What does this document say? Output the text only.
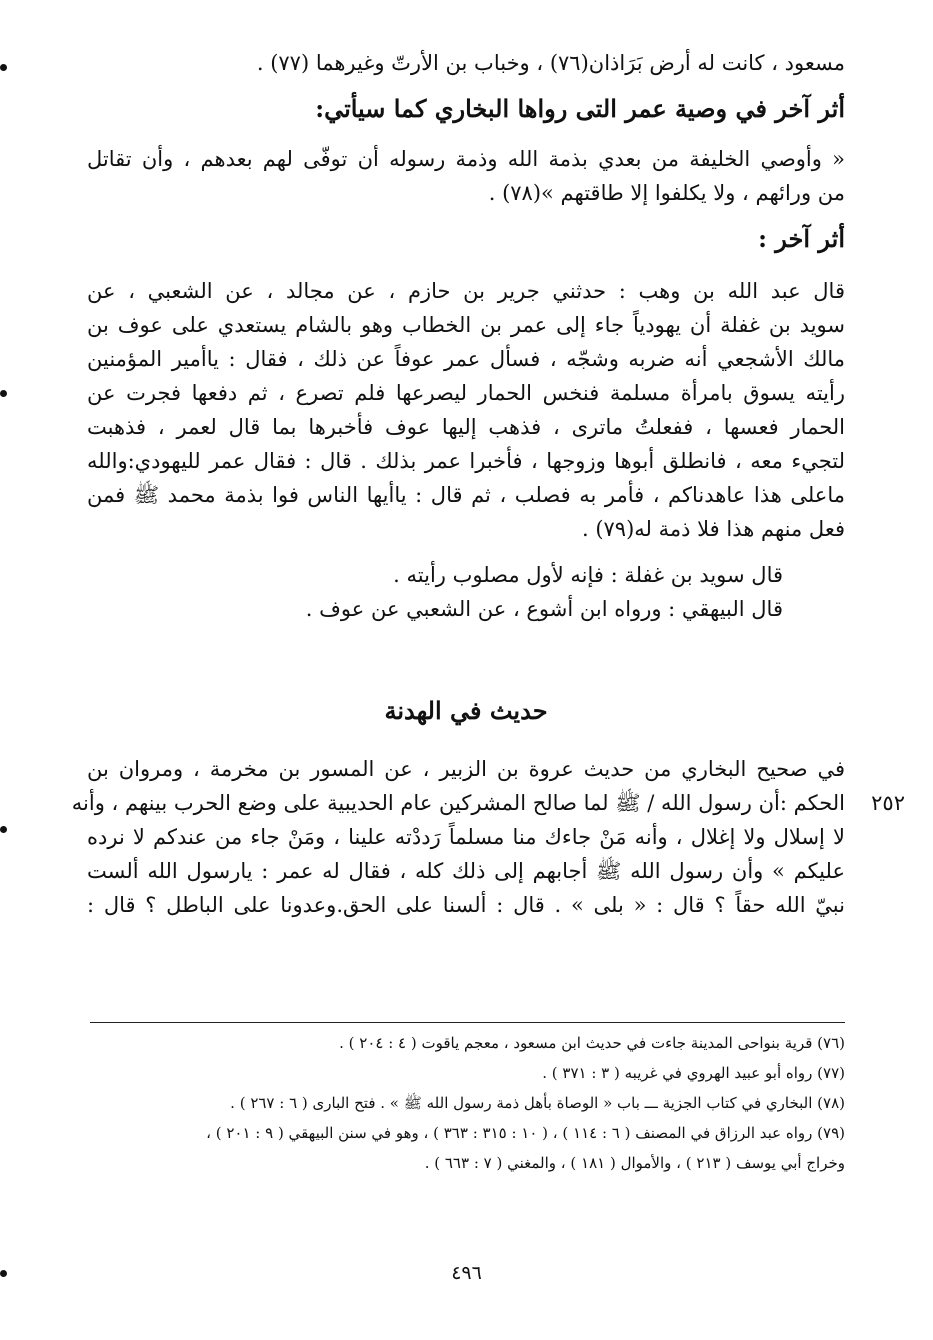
مسعود ، كانت له أرض بَرَاذان(٧٦) ، وخباب بن الأرتّ وغيرهما (٧٧) .
أثر آخر في وصية عمر التى رواها البخاري كما سيأتي:
« وأوصي الخليفة من بعدي بذمة الله وذمة رسوله أن توفّى لهم بعدهم ، وأن تقاتل
من ورائهم ، ولا يكلفوا إلا طاقتهم »(٧٨) .
أثر آخر :
قال عبد الله بن وهب : حدثني جرير بن حازم ، عن مجالد ، عن الشعبي ، عن
سويد بن غفلة أن يهودياً جاء إلى عمر بن الخطاب وهو بالشام يستعدي على عوف بن
مالك الأشجعي أنه ضربه وشجّه ، فسأل عمر عوفاً عن ذلك ، فقال : ياأمير المؤمنين
رأيته يسوق بامرأة مسلمة فنخس الحمار ليصرعها فلم تصرع ، ثم دفعها فجرت عن
الحمار فعسها ، ففعلتُ ماترى ، فذهب إليها عوف فأخبرها بما قال لعمر ، فذهبت
لتجيء معه ، فانطلق أبوها وزوجها ، فأخبرا عمر بذلك . قال : فقال عمر لليهودي:والله
ماعلى هذا عاهدناكم ، فأمر به فصلب ، ثم قال : ياأيها الناس فوا بذمة محمد ﷺ فمن
فعل منهم هذا فلا ذمة له(٧٩) .
قال سويد بن غفلة : فإنه لأول مصلوب رأيته .
قال البيهقي : ورواه ابن أشوع ، عن الشعبي عن عوف .
حديث في الهدنة
في صحيح البخاري من حديث عروة بن الزبير ، عن المسور بن مخرمة ، ومروان بن
الحكم :أن رسول الله / ﷺ لما صالح المشركين عام الحديبية على وضع الحرب بينهم ، وأنه ٢٥٢
لا إسلال ولا إغلال ، وأنه مَنْ جاءك منا مسلماً رَددْته علينا ، ومَنْ جاء من عندكم لا نرده
عليكم » وأن رسول الله ﷺ أجابهم إلى ذلك كله ، فقال له عمر : يارسول الله ألست
نبيّ الله حقاً ؟ قال : « بلى » . قال : ألسنا على الحق.وعدونا على الباطل ؟ قال :
(٧٦) قرية بنواحى المدينة جاءت في حديث ابن مسعود ، معجم ياقوت ( ٤ : ٢٠٤ ) .
(٧٧) رواه أبو عبيد الهروي في غريبه ( ٣ : ٣٧١ ) .
(٧٨) البخاري في كتاب الجزية ـــ باب « الوصاة بأهل ذمة رسول الله ﷺ » . فتح البارى ( ٦ : ٢٦٧ ) .
(٧٩) رواه عبد الرزاق في المصنف ( ٦ : ١١٤ ) ، ( ١٠ : ٣١٥ : ٣٦٣ ) ، وهو في سنن البيهقي ( ٩ : ٢٠١ ) ،
وخراج أبي يوسف ( ٢١٣ ) ، والأموال ( ١٨١ ) ، والمغني ( ٧ : ٦٦٣ ) .
٤٩٦
